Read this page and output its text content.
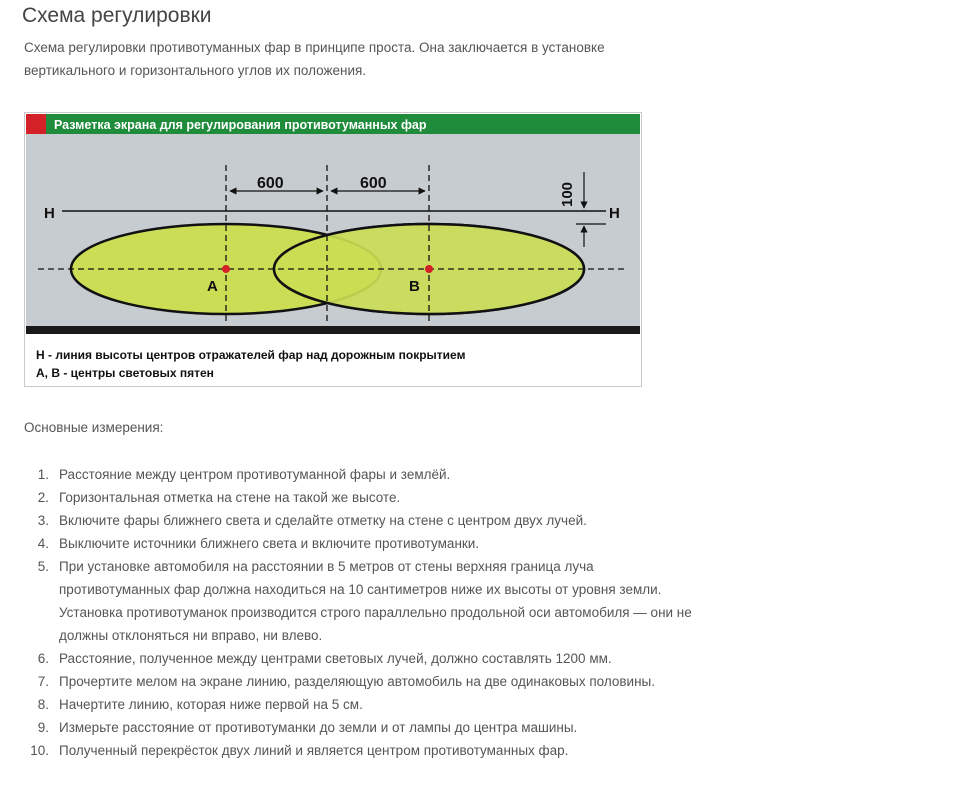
Схема регулировки

Схема регулировки противотуманных фар в принципе проста. Она заключается в установке вертикального и горизонтального углов их положения.

Разметка экрана для регулирования противотуманных фар
H	H
100
600	600
A	B
H - линия высоты центров отражателей фар над дорожным покрытием
А, В - центры световых пятен
Основные измерения:
1. Расстояние между центром противотуманной фары и землёй.
2. Горизонтальная отметка на стене на такой же высоте.
3. Включите фары ближнего света и сделайте отметку на стене с центром двух лучей.
4. Выключите источники ближнего света и включите противотуманки.
5. При установке автомобиля на расстоянии в 5 метров от стены верхняя граница луча противотуманных фар должна находиться на 10 сантиметров ниже их высоты от уровня земли. Установка противотуманок производится строго параллельно продольной оси автомобиля — они не должны отклоняться ни вправо, ни влево.
6. Расстояние, полученное между центрами световых лучей, должно составлять 1200 мм.
7. Прочертите мелом на экране линию, разделяющую автомобиль на две одинаковых половины.
8. Начертите линию, которая ниже первой на 5 см.
9. Измерьте расстояние от противотуманки до земли и от лампы до центра машины.
10. Полученный перекрёсток двух линий и является центром противотуманных фар.
